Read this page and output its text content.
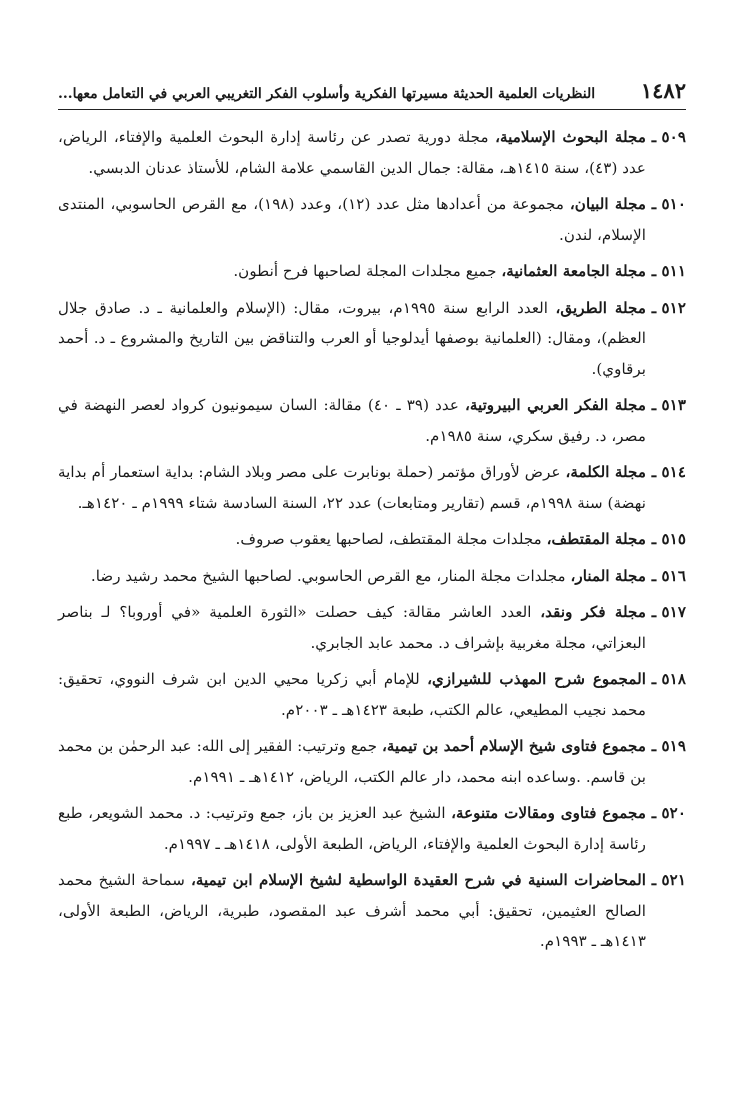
١٤٨٢
النظريات العلمية الحديثة مسيرتها الفكرية وأسلوب الفكر التغريبي العربي في التعامل معها...
٥٠٩ ـ
مجلة البحوث الإسلامية، مجلة دورية تصدر عن رئاسة إدارة البحوث العلمية والإفتاء، الرياض، عدد (٤٣)، سنة ١٤١٥هـ، مقالة: جمال الدين القاسمي علامة الشام، للأستاذ عدنان الدبسي.
٥١٠ ـ
مجلة البيان، مجموعة من أعدادها مثل عدد (١٢)، وعدد (١٩٨)، مع القرص الحاسوبي، المنتدى الإسلام، لندن.
٥١١ ـ
مجلة الجامعة العثمانية، جميع مجلدات المجلة لصاحبها فرح أنطون.
٥١٢ ـ
مجلة الطريق، العدد الرابع سنة ١٩٩٥م، بيروت، مقال: (الإسلام والعلمانية ـ د. صادق جلال العظم)، ومقال: (العلمانية بوصفها أيدلوجيا أو العرب والتناقض بين التاريخ والمشروع ـ د. أحمد برقاوي).
٥١٣ ـ
مجلة الفكر العربي البيروتية، عدد (٣٩ ـ ٤٠) مقالة: السان سيمونيون كرواد لعصر النهضة في مصر، د. رفيق سكري، سنة ١٩٨٥م.
٥١٤ ـ
مجلة الكلمة، عرض لأوراق مؤتمر (حملة بونابرت على مصر وبلاد الشام: بداية استعمار أم بداية نهضة) سنة ١٩٩٨م، قسم (تقارير ومتابعات) عدد ٢٢، السنة السادسة شتاء ١٩٩٩م ـ ١٤٢٠هـ.
٥١٥ ـ
مجلة المقتطف، مجلدات مجلة المقتطف، لصاحبها يعقوب صروف.
٥١٦ ـ
مجلة المنار، مجلدات مجلة المنار، مع القرص الحاسوبي. لصاحبها الشيخ محمد رشيد رضا.
٥١٧ ـ
مجلة فكر ونقد، العدد العاشر مقالة: كيف حصلت «الثورة العلمية «في أوروبا؟ لـ بناصر البعزاتي، مجلة مغربية بإشراف د. محمد عابد الجابري.
٥١٨ ـ
المجموع شرح المهذب للشيرازي، للإمام أبي زكريا محيي الدين ابن شرف النووي، تحقيق: محمد نجيب المطيعي، عالم الكتب، طبعة ١٤٢٣هـ ـ ٢٠٠٣م.
٥١٩ ـ
مجموع فتاوى شيخ الإسلام أحمد بن تيمية، جمع وترتيب: الفقير إلى الله: عبد الرحمٰن بن محمد بن قاسم. .وساعده ابنه محمد، دار عالم الكتب، الرياض، ١٤١٢هـ ـ ١٩٩١م.
٥٢٠ ـ
مجموع فتاوى ومقالات متنوعة، الشيخ عبد العزيز بن باز، جمع وترتيب: د. محمد الشويعر، طبع رئاسة إدارة البحوث العلمية والإفتاء، الرياض، الطبعة الأولى، ١٤١٨هـ ـ ١٩٩٧م.
٥٢١ ـ
المحاضرات السنية في شرح العقيدة الواسطية لشيخ الإسلام ابن تيمية، سماحة الشيخ محمد الصالح العثيمين، تحقيق: أبي محمد أشرف عبد المقصود، طبرية، الرياض، الطبعة الأولى، ١٤١٣هـ ـ ١٩٩٣م.
